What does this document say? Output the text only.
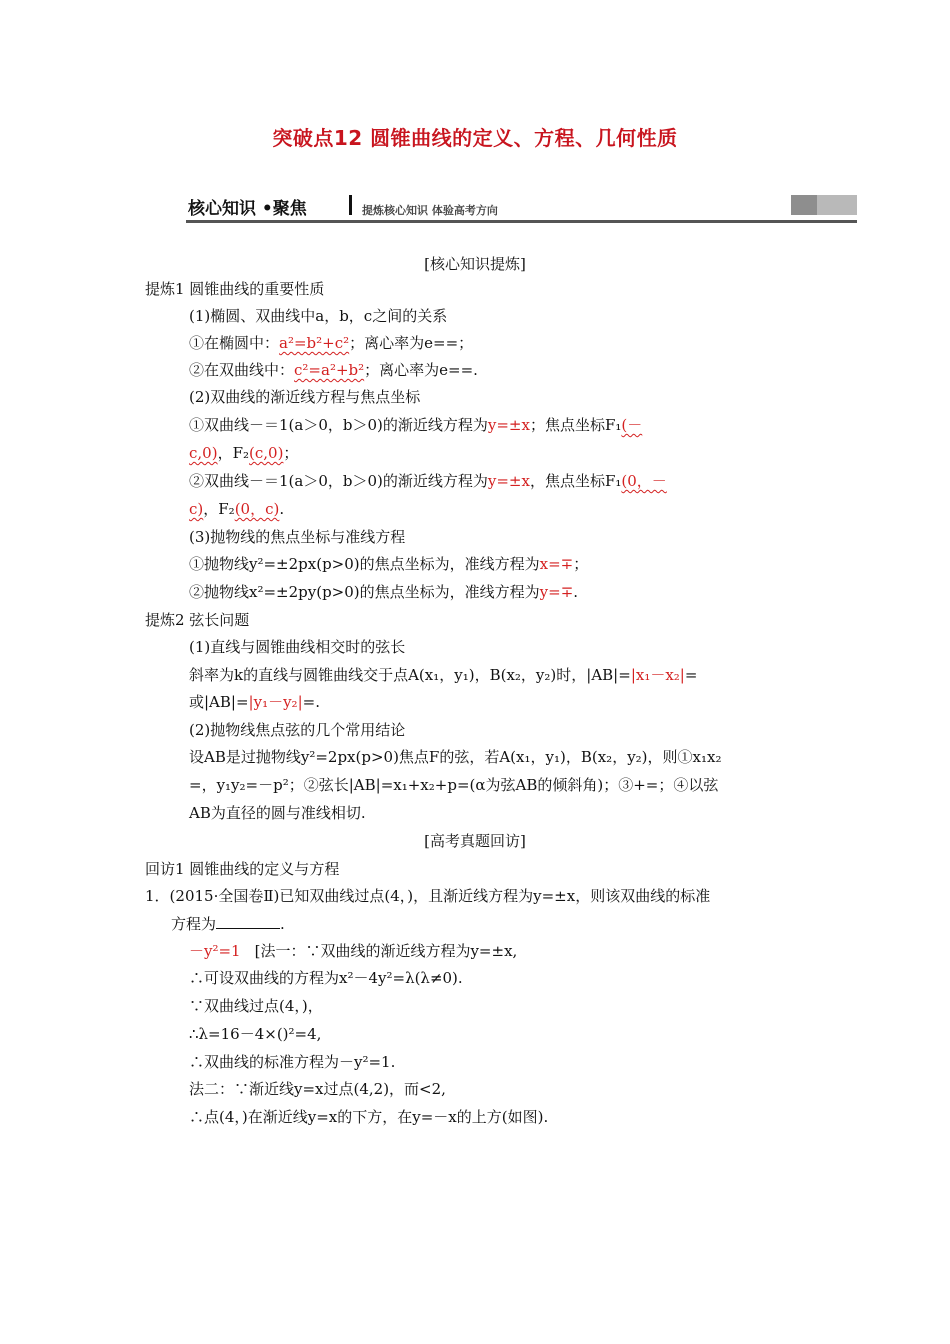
突破点12 圆锥曲线的定义、方程、几何性质
核心知识 •聚焦	提炼核心知识 体验高考方向
[核心知识提炼]
提炼1 圆锥曲线的重要性质
(1)椭圆、双曲线中a，b，c之间的关系
①在椭圆中：a²=b²+c²；离心率为e==；
②在双曲线中：c²=a²+b²；离心率为e==.
(2)双曲线的渐近线方程与焦点坐标
①双曲线－＝1(a＞0，b＞0)的渐近线方程为y=±x；焦点坐标F₁(－
c,0)，F₂(c,0)；
②双曲线－＝1(a＞0，b＞0)的渐近线方程为y=±x，焦点坐标F₁(0，－
c)，F₂(0，c).
(3)抛物线的焦点坐标与准线方程
①抛物线y²=±2px(p>0)的焦点坐标为，准线方程为x=∓；
②抛物线x²=±2py(p>0)的焦点坐标为，准线方程为y=∓.
提炼2 弦长问题
(1)直线与圆锥曲线相交时的弦长
斜率为k的直线与圆锥曲线交于点A(x₁，y₁)，B(x₂，y₂)时，|AB|=|x₁－x₂|=
或|AB|=|y₁－y₂|=.
(2)抛物线焦点弦的几个常用结论
设AB是过抛物线y²=2px(p>0)焦点F的弦，若A(x₁，y₁)，B(x₂，y₂)，则①x₁x₂
=，y₁y₂=－p²；②弦长|AB|=x₁+x₂+p=(α为弦AB的倾斜角)；③+=；④以弦
AB为直径的圆与准线相切.
[高考真题回访]
回访1 圆锥曲线的定义与方程
1．(2015·全国卷Ⅱ)已知双曲线过点(4，)，且渐近线方程为y=±x，则该双曲线的标准
方程为	.
－y²=1 [法一：∵双曲线的渐近线方程为y=±x,
∴可设双曲线的方程为x²－4y²=λ(λ≠0).
∵双曲线过点(4，)，
∴λ=16－4×()²=4,
∴双曲线的标准方程为－y²=1.
法二：∵渐近线y=x过点(4,2)，而<2,
∴点(4，)在渐近线y=x的下方，在y=－x的上方(如图).
